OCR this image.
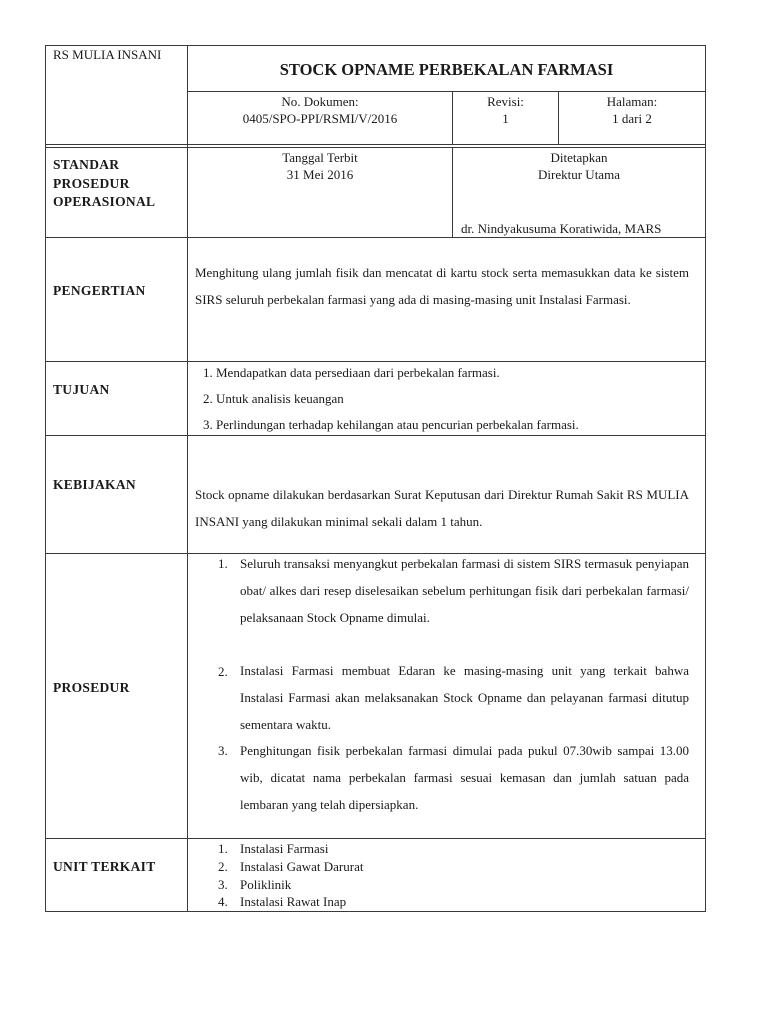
RS MULIA INSANI
STOCK OPNAME PERBEKALAN FARMASI
No. Dokumen:
0405/SPO-PPI/RSMI/V/2016
Revisi:
1
Halaman:
1 dari 2
STANDAR
PROSEDUR
OPERASIONAL
Tanggal Terbit
31 Mei 2016
Ditetapkan
Direktur Utama
dr. Nindyakusuma Koratiwida, MARS
PENGERTIAN
Menghitung ulang jumlah fisik dan mencatat di kartu stock serta memasukkan data ke sistem SIRS seluruh perbekalan farmasi yang ada di masing-masing unit Instalasi Farmasi.
TUJUAN
1. Mendapatkan data persediaan dari perbekalan farmasi.
2. Untuk analisis keuangan
3. Perlindungan terhadap kehilangan atau pencurian perbekalan farmasi.
KEBIJAKAN
Stock opname dilakukan berdasarkan Surat Keputusan dari Direktur Rumah Sakit RS MULIA INSANI yang dilakukan minimal sekali dalam 1 tahun.
PROSEDUR
1. Seluruh transaksi menyangkut perbekalan farmasi di sistem SIRS termasuk penyiapan obat/ alkes dari resep diselesaikan sebelum perhitungan fisik dari perbekalan farmasi/ pelaksanaan Stock Opname dimulai.
2. Instalasi Farmasi membuat Edaran ke masing-masing unit yang terkait bahwa Instalasi Farmasi akan melaksanakan Stock Opname dan pelayanan farmasi ditutup sementara waktu.
3. Penghitungan fisik perbekalan farmasi dimulai pada pukul 07.30wib sampai 13.00 wib, dicatat nama perbekalan farmasi sesuai kemasan dan jumlah satuan pada lembaran yang telah dipersiapkan.
UNIT TERKAIT
1. Instalasi Farmasi
2. Instalasi Gawat Darurat
3. Poliklinik
4. Instalasi Rawat Inap
